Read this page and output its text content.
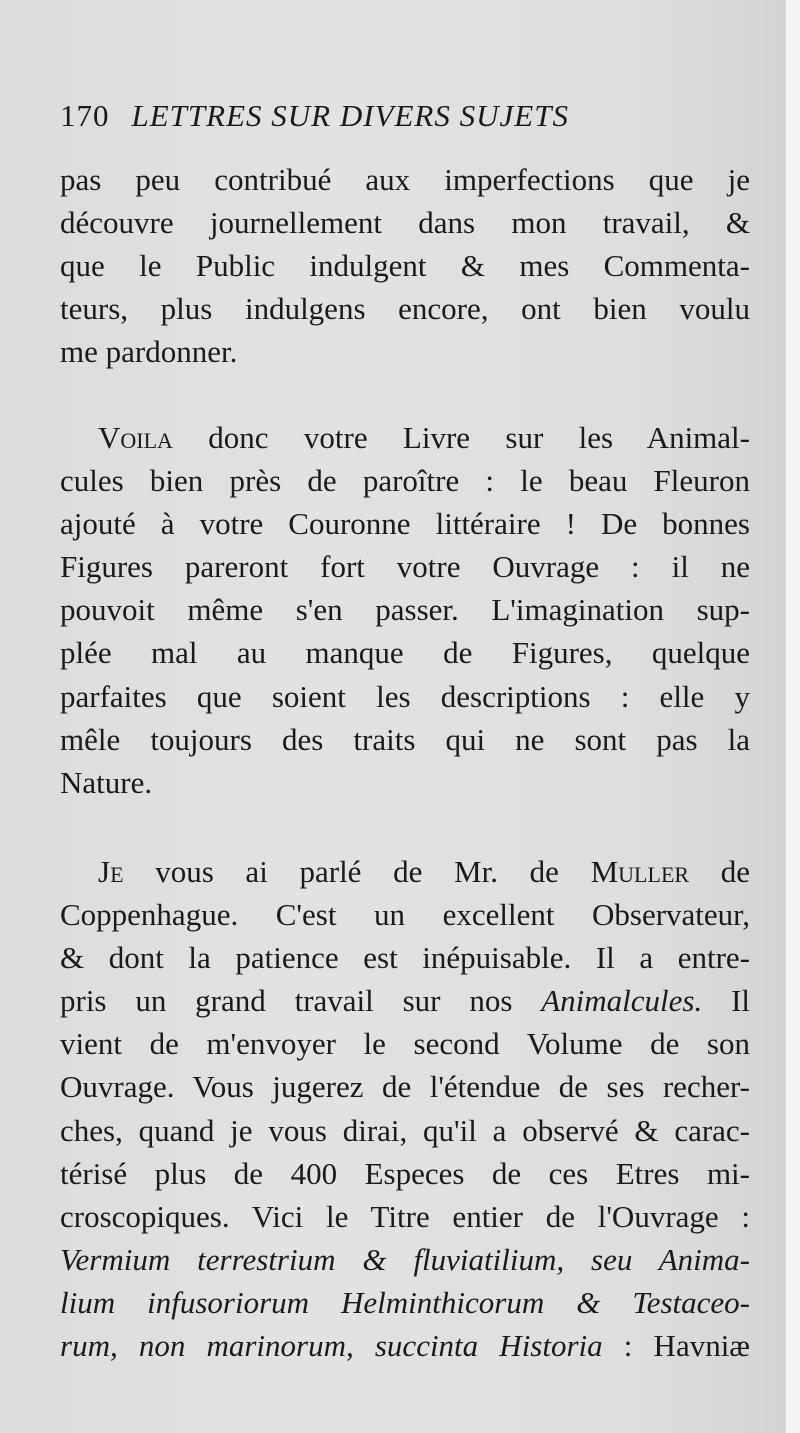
170 LETTRES SUR DIVERS SUJETS
pas peu contribué aux imperfections que je
découvre journellement dans mon travail, &
que le Public indulgent & mes Commenta-
teurs, plus indulgens encore, ont bien voulu
me pardonner.
Voila donc votre Livre sur les Animal-
cules bien près de paroître : le beau Fleuron
ajouté à votre Couronne littéraire ! De bonnes
Figures pareront fort votre Ouvrage : il ne
pouvoit même s'en passer. L'imagination sup-
plée mal au manque de Figures, quelque
parfaites que soient les descriptions : elle y
mêle toujours des traits qui ne sont pas la
Nature.
Je vous ai parlé de Mr. de Muller de
Coppenhague. C'est un excellent Observateur,
& dont la patience est inépuisable. Il a entre-
pris un grand travail sur nos Animalcules. Il
vient de m'envoyer le second Volume de son
Ouvrage. Vous jugerez de l'étendue de ses recher-
ches, quand je vous dirai, qu'il a observé & carac-
térisé plus de 400 Especes de ces Etres mi-
croscopiques. Vici le Titre entier de l'Ouvrage :
Vermium terrestrium & fluviatilium, seu Anima-
lium infusoriorum Helminthicorum & Testaceo-
rum, non marinorum, succinta Historia : Havniæ
